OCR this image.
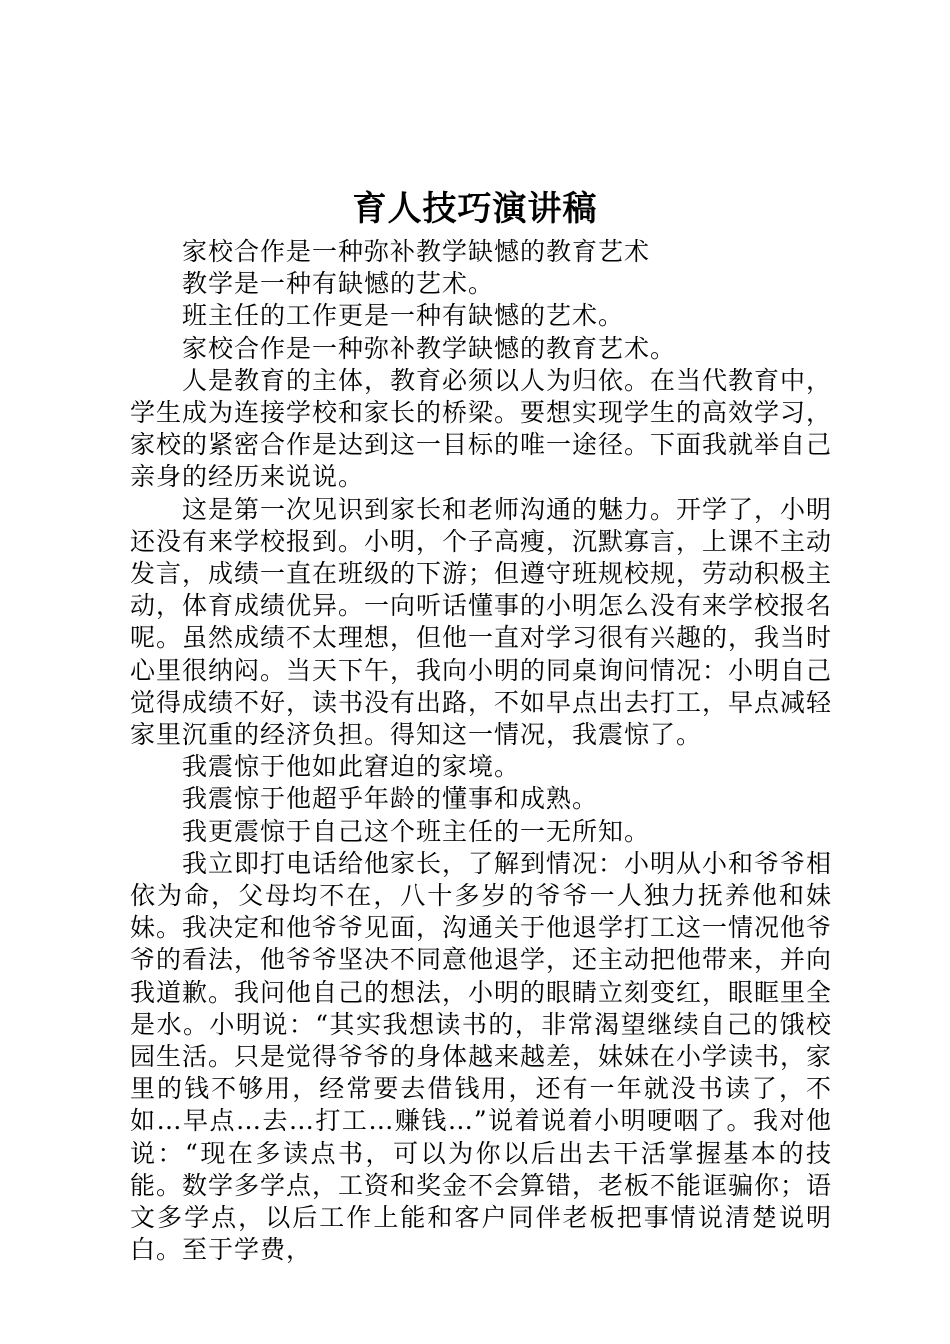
育人技巧演讲稿

家校合作是一种弥补教学缺憾的教育艺术

教学是一种有缺憾的艺术。

班主任的工作更是一种有缺憾的艺术。

家校合作是一种弥补教学缺憾的教育艺术。

人是教育的主体，教育必须以人为归依。在当代教育中，学生成为连接学校和家长的桥梁。要想实现学生的高效学习，家校的紧密合作是达到这一目标的唯一途径。下面我就举自己亲身的经历来说说。

这是第一次见识到家长和老师沟通的魅力。开学了，小明还没有来学校报到。小明，个子高瘦，沉默寡言，上课不主动发言，成绩一直在班级的下游；但遵守班规校规，劳动积极主动，体育成绩优异。一向听话懂事的小明怎么没有来学校报名呢。虽然成绩不太理想，但他一直对学习很有兴趣的，我当时心里很纳闷。当天下午，我向小明的同桌询问情况：小明自己觉得成绩不好，读书没有出路，不如早点出去打工，早点减轻家里沉重的经济负担。得知这一情况，我震惊了。

我震惊于他如此窘迫的家境。

我震惊于他超乎年龄的懂事和成熟。

我更震惊于自己这个班主任的一无所知。

我立即打电话给他家长，了解到情况：小明从小和爷爷相依为命，父母均不在，八十多岁的爷爷一人独力抚养他和妹妹。我决定和他爷爷见面，沟通关于他退学打工这一情况他爷爷的看法，他爷爷坚决不同意他退学，还主动把他带来，并向我道歉。我问他自己的想法，小明的眼睛立刻变红，眼眶里全是水。小明说：“其实我想读书的，非常渴望继续自己的饿校园生活。只是觉得爷爷的身体越来越差，妹妹在小学读书，家里的钱不够用，经常要去借钱用，还有一年就没书读了，不如…早点…去…打工…赚钱…”说着说着小明哽咽了。我对他说：“现在多读点书，可以为你以后出去干活掌握基本的技能。数学多学点，工资和奖金不会算错，老板不能诓骗你；语文多学点，以后工作上能和客户同伴老板把事情说清楚说明白。至于学费，
